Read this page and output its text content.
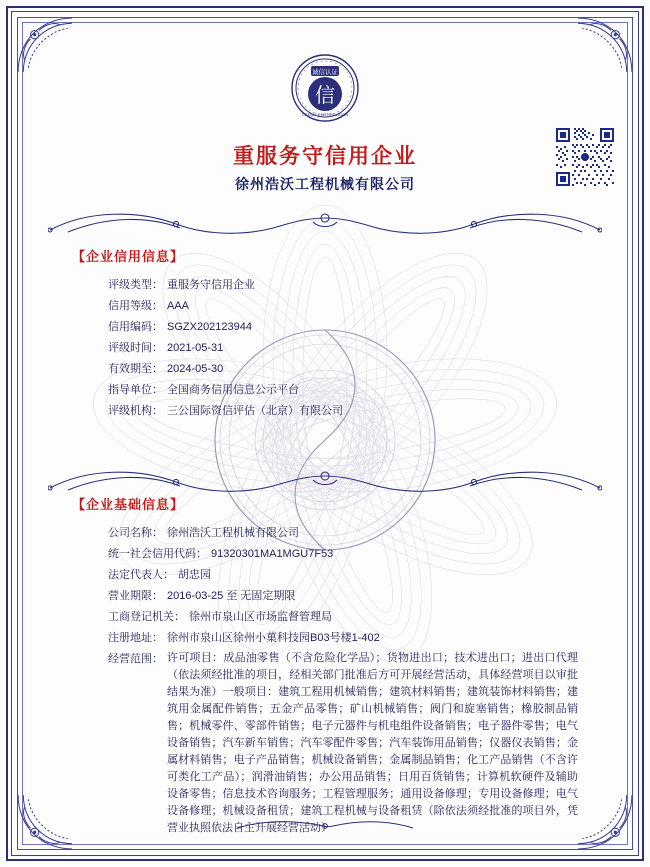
诚信认证
信
CREDIT CERTIFICATION
重服务守信用企业
徐州浩沃工程机械有限公司
【企业信用信息】
评级类型： 重服务守信用企业
信用等级： AAA
信用编码： SGZX202123944
评级时间： 2021-05-31
有效期至： 2024-05-30
指导单位： 全国商务信用信息公示平台
评级机构： 三公国际资信评估（北京）有限公司
【企业基础信息】
公司名称： 徐州浩沃工程机械有限公司
统一社会信用代码： 91320301MA1MGU7F53
法定代表人： 胡忠园
营业期限： 2016-03-25 至 无固定期限
工商登记机关： 徐州市泉山区市场监督管理局
注册地址： 徐州市泉山区徐州小菓科技园B03号楼1-402
经营范围： 许可项目：成品油零售（不含危险化学品）；货物进出口；技术进出口；进出口代理（依法须经批准的项目，经相关部门批准后方可开展经营活动，具体经营项目以审批结果为准）一般项目：建筑工程用机械销售；建筑材料销售；建筑装饰材料销售；建筑用金属配件销售；五金产品零售；矿山机械销售；阀门和旋塞销售；橡胶制品销售；机械零件、零部件销售；电子元器件与机电组件设备销售；电子器件零售；电气设备销售；汽车新车销售；汽车零配件零售；汽车装饰用品销售；仪器仪表销售；金属材料销售；电子产品销售；机械设备销售；金属制品销售；化工产品销售（不含许可类化工产品）；润滑油销售；办公用品销售；日用百货销售；计算机软硬件及辅助设备零售；信息技术咨询服务；工程管理服务；通用设备修理；专用设备修理；电气设备修理；机械设备租赁；建筑工程机械与设备租赁（除依法须经批准的项目外，凭营业执照依法自主开展经营活动）
